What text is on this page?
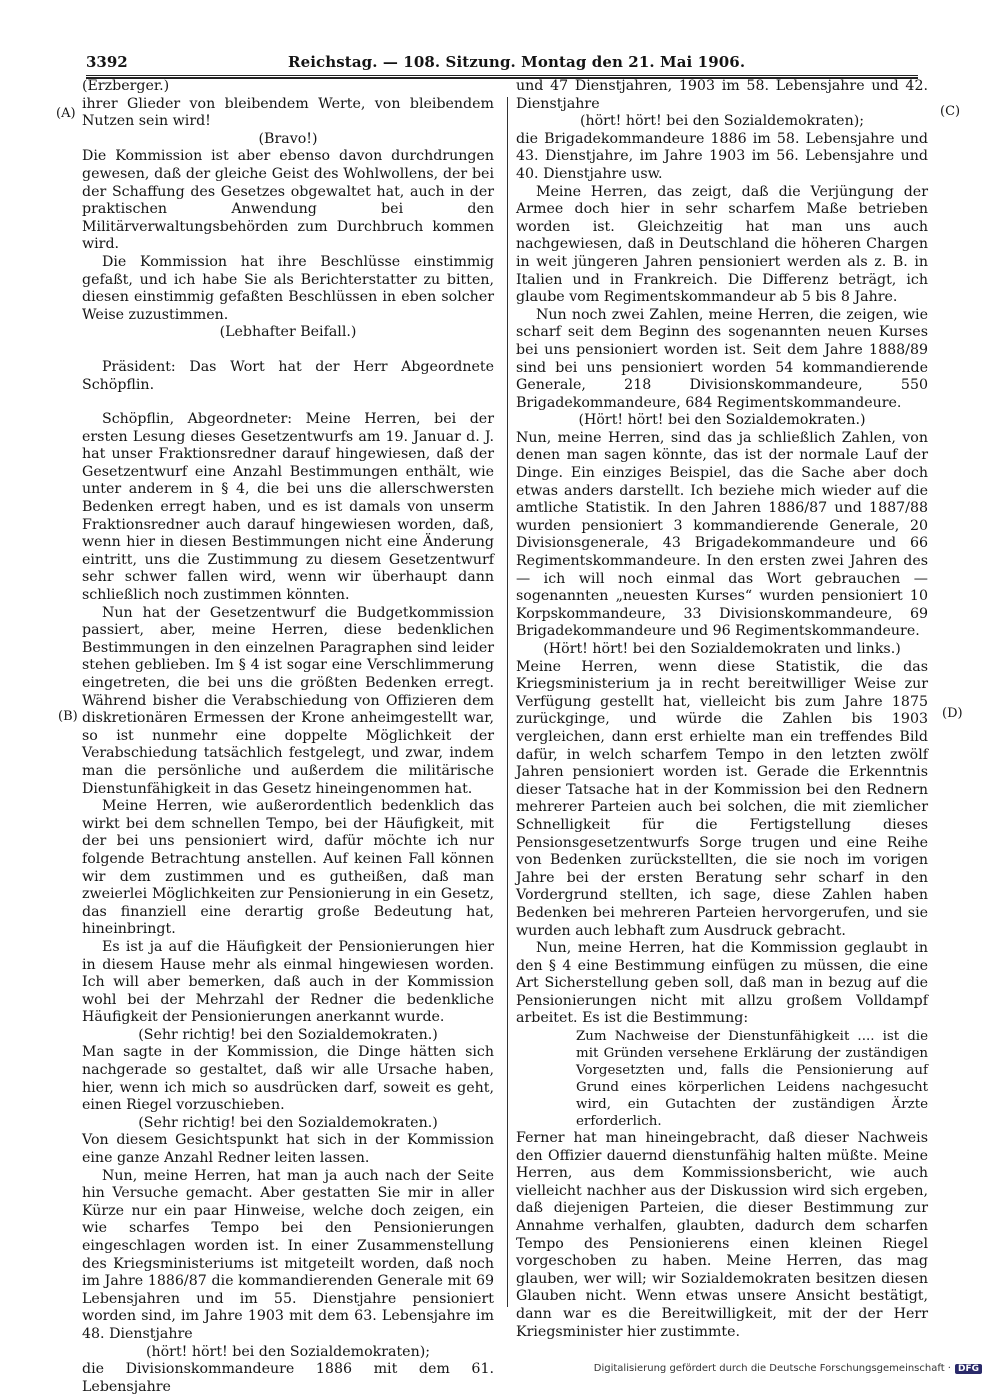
3392	Reichstag. — 108. Sitzung. Montag den 21. Mai 1906.
(A)
(B)
(C)
(D)

(Erzberger.)

ihrer Glieder von bleibendem Werte, von bleibendem Nutzen sein wird!

(Bravo!)

Die Kommission ist aber ebenso davon durchdrungen gewesen, daß der gleiche Geist des Wohlwollens, der bei der Schaffung des Gesetzes obgewaltet hat, auch in der praktischen Anwendung bei den Militärverwaltungsbehörden zum Durchbruch kommen wird.

Die Kommission hat ihre Beschlüsse einstimmig gefaßt, und ich habe Sie als Berichterstatter zu bitten, diesen einstimmig gefaßten Beschlüssen in eben solcher Weise zuzustimmen.

(Lebhafter Beifall.)

Präsident: Das Wort hat der Herr Abgeordnete Schöpflin.

Schöpflin, Abgeordneter: Meine Herren, bei der ersten Lesung dieses Gesetzentwurfs am 19. Januar d. J. hat unser Fraktionsredner darauf hingewiesen, daß der Gesetzentwurf eine Anzahl Bestimmungen enthält, wie unter anderem in § 4, die bei uns die allerschwersten Bedenken erregt haben, und es ist damals von unserm Fraktionsredner auch darauf hingewiesen worden, daß, wenn hier in diesen Bestimmungen nicht eine Änderung eintritt, uns die Zustimmung zu diesem Gesetzentwurf sehr schwer fallen wird, wenn wir überhaupt dann schließlich noch zustimmen könnten.

Nun hat der Gesetzentwurf die Budgetkommission passiert, aber, meine Herren, diese bedenklichen Bestimmungen in den einzelnen Paragraphen sind leider stehen geblieben. Im § 4 ist sogar eine Verschlimmerung eingetreten, die bei uns die größten Bedenken erregt. Während bisher die Verabschiedung von Offizieren dem diskretionären Ermessen der Krone anheimgestellt war, so ist nunmehr eine doppelte Möglichkeit der Verabschiedung tatsächlich festgelegt, und zwar, indem man die persönliche und außerdem die militärische Dienstunfähigkeit in das Gesetz hineingenommen hat.

Meine Herren, wie außerordentlich bedenklich das wirkt bei dem schnellen Tempo, bei der Häufigkeit, mit der bei uns pensioniert wird, dafür möchte ich nur folgende Betrachtung anstellen. Auf keinen Fall können wir dem zustimmen und es gutheißen, daß man zweierlei Möglichkeiten zur Pensionierung in ein Gesetz, das finanziell eine derartig große Bedeutung hat, hineinbringt.

Es ist ja auf die Häufigkeit der Pensionierungen hier in diesem Hause mehr als einmal hingewiesen worden. Ich will aber bemerken, daß auch in der Kommission wohl bei der Mehrzahl der Redner die bedenkliche Häufigkeit der Pensionierungen anerkannt wurde.

(Sehr richtig! bei den Sozialdemokraten.)

Man sagte in der Kommission, die Dinge hätten sich nachgerade so gestaltet, daß wir alle Ursache haben, hier, wenn ich mich so ausdrücken darf, soweit es geht, einen Riegel vorzuschieben.

(Sehr richtig! bei den Sozialdemokraten.)

Von diesem Gesichtspunkt hat sich in der Kommission eine ganze Anzahl Redner leiten lassen.

Nun, meine Herren, hat man ja auch nach der Seite hin Versuche gemacht. Aber gestatten Sie mir in aller Kürze nur ein paar Hinweise, welche doch zeigen, ein wie scharfes Tempo bei den Pensionierungen eingeschlagen worden ist. In einer Zusammenstellung des Kriegsministeriums ist mitgeteilt worden, daß noch im Jahre 1886/87 die kommandierenden Generale mit 69 Lebensjahren und im 55. Dienstjahre pensioniert worden sind, im Jahre 1903 mit dem 63. Lebensjahre im 48. Dienstjahre

(hört! hört! bei den Sozialdemokraten);

die Divisionskommandeure 1886 mit dem 61. Lebensjahre

und 47 Dienstjahren, 1903 im 58. Lebensjahre und 42. Dienstjahre

(hört! hört! bei den Sozialdemokraten);

die Brigadekommandeure 1886 im 58. Lebensjahre und 43. Dienstjahre, im Jahre 1903 im 56. Lebensjahre und 40. Dienstjahre usw.

Meine Herren, das zeigt, daß die Verjüngung der Armee doch hier in sehr scharfem Maße betrieben worden ist. Gleichzeitig hat man uns auch nachgewiesen, daß in Deutschland die höheren Chargen in weit jüngeren Jahren pensioniert werden als z. B. in Italien und in Frankreich. Die Differenz beträgt, ich glaube vom Regimentskommandeur ab 5 bis 8 Jahre.

Nun noch zwei Zahlen, meine Herren, die zeigen, wie scharf seit dem Beginn des sogenannten neuen Kurses bei uns pensioniert worden ist. Seit dem Jahre 1888/89 sind bei uns pensioniert worden 54 kommandierende Generale, 218 Divisionskommandeure, 550 Brigadekommandeure, 684 Regimentskommandeure.

(Hört! hört! bei den Sozialdemokraten.)

Nun, meine Herren, sind das ja schließlich Zahlen, von denen man sagen könnte, das ist der normale Lauf der Dinge. Ein einziges Beispiel, das die Sache aber doch etwas anders darstellt. Ich beziehe mich wieder auf die amtliche Statistik. In den Jahren 1886/87 und 1887/88 wurden pensioniert 3 kommandierende Generale, 20 Divisionsgenerale, 43 Brigadekommandeure und 66 Regimentskommandeure. In den ersten zwei Jahren des — ich will noch einmal das Wort gebrauchen — sogenannten „neuesten Kurses“ wurden pensioniert 10 Korpskommandeure, 33 Divisionskommandeure, 69 Brigadekommandeure und 96 Regimentskommandeure.

(Hört! hört! bei den Sozialdemokraten und links.)

Meine Herren, wenn diese Statistik, die das Kriegsministerium ja in recht bereitwilliger Weise zur Verfügung gestellt hat, vielleicht bis zum Jahre 1875 zurückginge, und würde die Zahlen bis 1903 vergleichen, dann erst erhielte man ein treffendes Bild dafür, in welch scharfem Tempo in den letzten zwölf Jahren pensioniert worden ist. Gerade die Erkenntnis dieser Tatsache hat in der Kommission bei den Rednern mehrerer Parteien auch bei solchen, die mit ziemlicher Schnelligkeit für die Fertigstellung dieses Pensionsgesetzentwurfs Sorge trugen und eine Reihe von Bedenken zurückstellten, die sie noch im vorigen Jahre bei der ersten Beratung sehr scharf in den Vordergrund stellten, ich sage, diese Zahlen haben Bedenken bei mehreren Parteien hervorgerufen, und sie wurden auch lebhaft zum Ausdruck gebracht.

Nun, meine Herren, hat die Kommission geglaubt in den § 4 eine Bestimmung einfügen zu müssen, die eine Art Sicherstellung geben soll, daß man in bezug auf die Pensionierungen nicht mit allzu großem Volldampf arbeitet. Es ist die Bestimmung:

Zum Nachweise der Dienstunfähigkeit .... ist die mit Gründen versehene Erklärung der zuständigen Vorgesetzten und, falls die Pensionierung auf Grund eines körperlichen Leidens nachgesucht wird, ein Gutachten der zuständigen Ärzte erforderlich.

Ferner hat man hineingebracht, daß dieser Nachweis den Offizier dauernd dienstunfähig halten müßte. Meine Herren, aus dem Kommissionsbericht, wie auch vielleicht nachher aus der Diskussion wird sich ergeben, daß diejenigen Parteien, die dieser Bestimmung zur Annahme verhalfen, glaubten, dadurch dem scharfen Tempo des Pensionierens einen kleinen Riegel vorgeschoben zu haben. Meine Herren, das mag glauben, wer will; wir Sozialdemokraten besitzen diesen Glauben nicht. Wenn etwas unsere Ansicht bestätigt, dann war es die Bereitwilligkeit, mit der der Herr Kriegsminister hier zustimmte.

Digitalisierung gefördert durch die Deutsche Forschungsgemeinschaft · DFG
